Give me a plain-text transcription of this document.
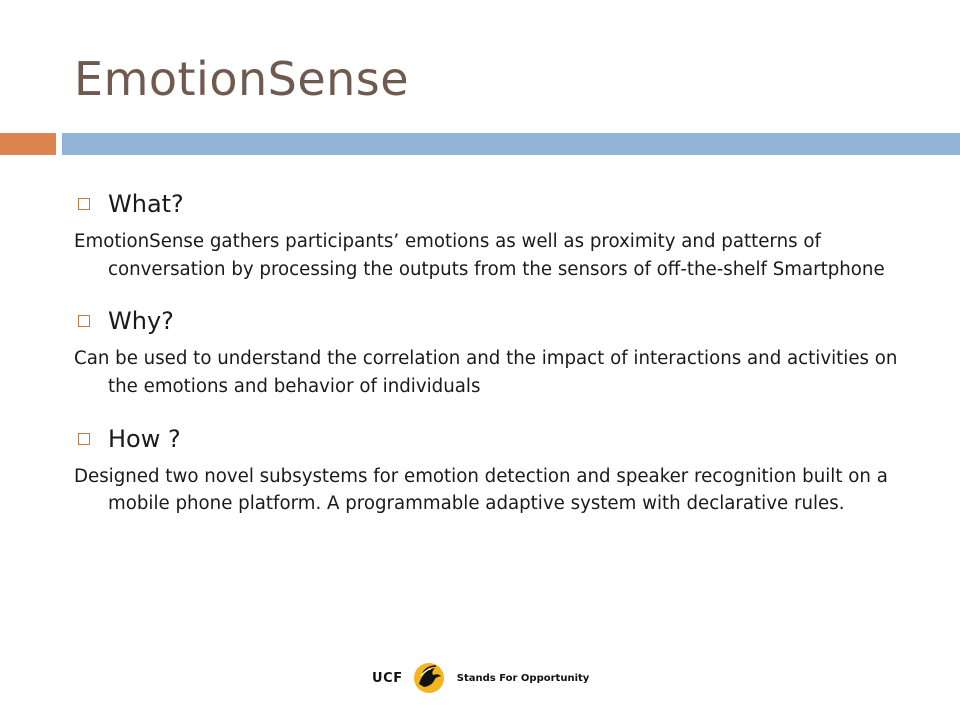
EmotionSense
What?
EmotionSense gathers participants’ emotions as well as proximity and patterns of conversation by processing the outputs from the sensors of off-the-shelf Smartphone
Why?
Can be used to understand the correlation and the impact of interactions and activities on the emotions and behavior of individuals
How ?
Designed two novel subsystems for emotion detection and speaker recognition built on a mobile phone platform. A programmable adaptive system with declarative rules.
UCF	Stands For Opportunity
